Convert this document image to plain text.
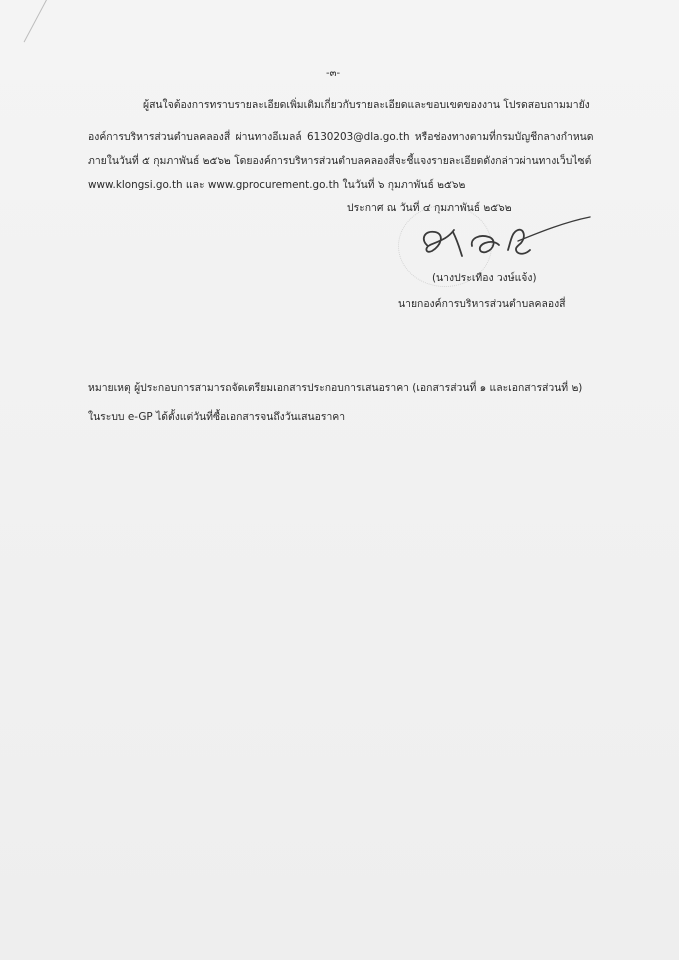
-๓-
ผู้สนใจต้องการทราบรายละเอียดเพิ่มเติมเกี่ยวกับรายละเอียดและขอบเขตของงาน โปรดสอบถามมายัง
องค์การบริหารส่วนตำบลคลองสี่ ผ่านทางอีเมลล์ 6130203@dla.go.th หรือช่องทางตามที่กรมบัญชีกลางกำหนด
ภายในวันที่ ๕ กุมภาพันธ์ ๒๕๖๒ โดยองค์การบริหารส่วนตำบลคลองสี่จะชี้แจงรายละเอียดดังกล่าวผ่านทางเว็บไซต์
www.klongsi.go.th และ www.gprocurement.go.th ในวันที่ ๖ กุมภาพันธ์ ๒๕๖๒
ประกาศ ณ วันที่ ๔ กุมภาพันธ์ ๒๕๖๒
(นางประเทือง วงษ์แจ้ง)
นายกองค์การบริหารส่วนตำบลคลองสี่
หมายเหตุ ผู้ประกอบการสามารถจัดเตรียมเอกสารประกอบการเสนอราคา (เอกสารส่วนที่ ๑ และเอกสารส่วนที่ ๒)
ในระบบ e-GP ได้ตั้งแต่วันที่ซื้อเอกสารจนถึงวันเสนอราคา
